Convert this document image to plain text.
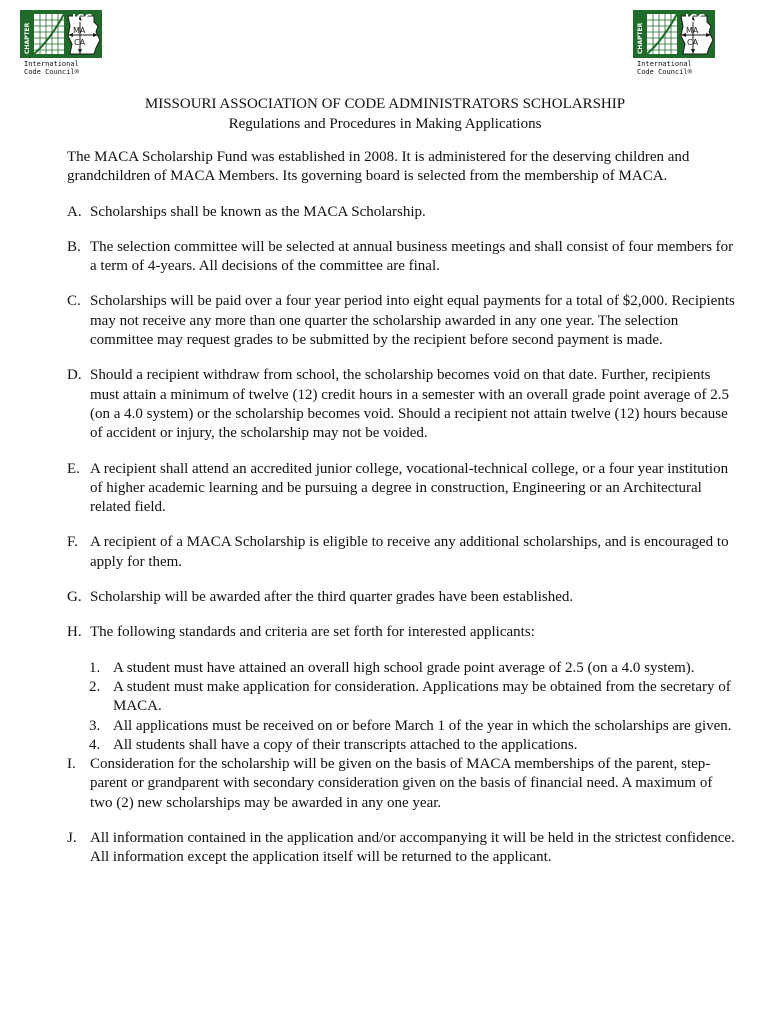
CHAPTER
ICC
MA
CA
International
Code Council®
CHAPTER
ICC
MA
CA
International
Code Council®
MISSOURI ASSOCIATION OF CODE ADMINISTRATORS SCHOLARSHIP
Regulations and Procedures in Making Applications

The MACA Scholarship Fund was established in 2008. It is administered for the deserving children and grandchildren of MACA Members. Its governing board is selected from the membership of MACA.

A. Scholarships shall be known as the MACA Scholarship.
B. The selection committee will be selected at annual business meetings and shall consist of four members for a term of 4-years. All decisions of the committee are final.
C. Scholarships will be paid over a four year period into eight equal payments for a total of $2,000. Recipients may not receive any more than one quarter the scholarship awarded in any one year. The selection committee may request grades to be submitted by the recipient before second payment is made.
D. Should a recipient withdraw from school, the scholarship becomes void on that date. Further, recipients must attain a minimum of twelve (12) credit hours in a semester with an overall grade point average of 2.5 (on a 4.0 system) or the scholarship becomes void. Should a recipient not attain twelve (12) hours because of accident or injury, the scholarship may not be voided.
E. A recipient shall attend an accredited junior college, vocational-technical college, or a four year institution of higher academic learning and be pursuing a degree in construction, Engineering or an Architectural related field.
F. A recipient of a MACA Scholarship is eligible to receive any additional scholarships, and is encouraged to apply for them.
G. Scholarship will be awarded after the third quarter grades have been established.
H. The following standards and criteria are set forth for interested applicants:
1. A student must have attained an overall high school grade point average of 2.5 (on a 4.0 system).
2. A student must make application for consideration. Applications may be obtained from the secretary of MACA.
3. All applications must be received on or before March 1 of the year in which the scholarships are given.
4. All students shall have a copy of their transcripts attached to the applications.
I. Consideration for the scholarship will be given on the basis of MACA memberships of the parent, step-parent or grandparent with secondary consideration given on the basis of financial need. A maximum of two (2) new scholarships may be awarded in any one year.
J. All information contained in the application and/or accompanying it will be held in the strictest confidence. All information except the application itself will be returned to the applicant.
